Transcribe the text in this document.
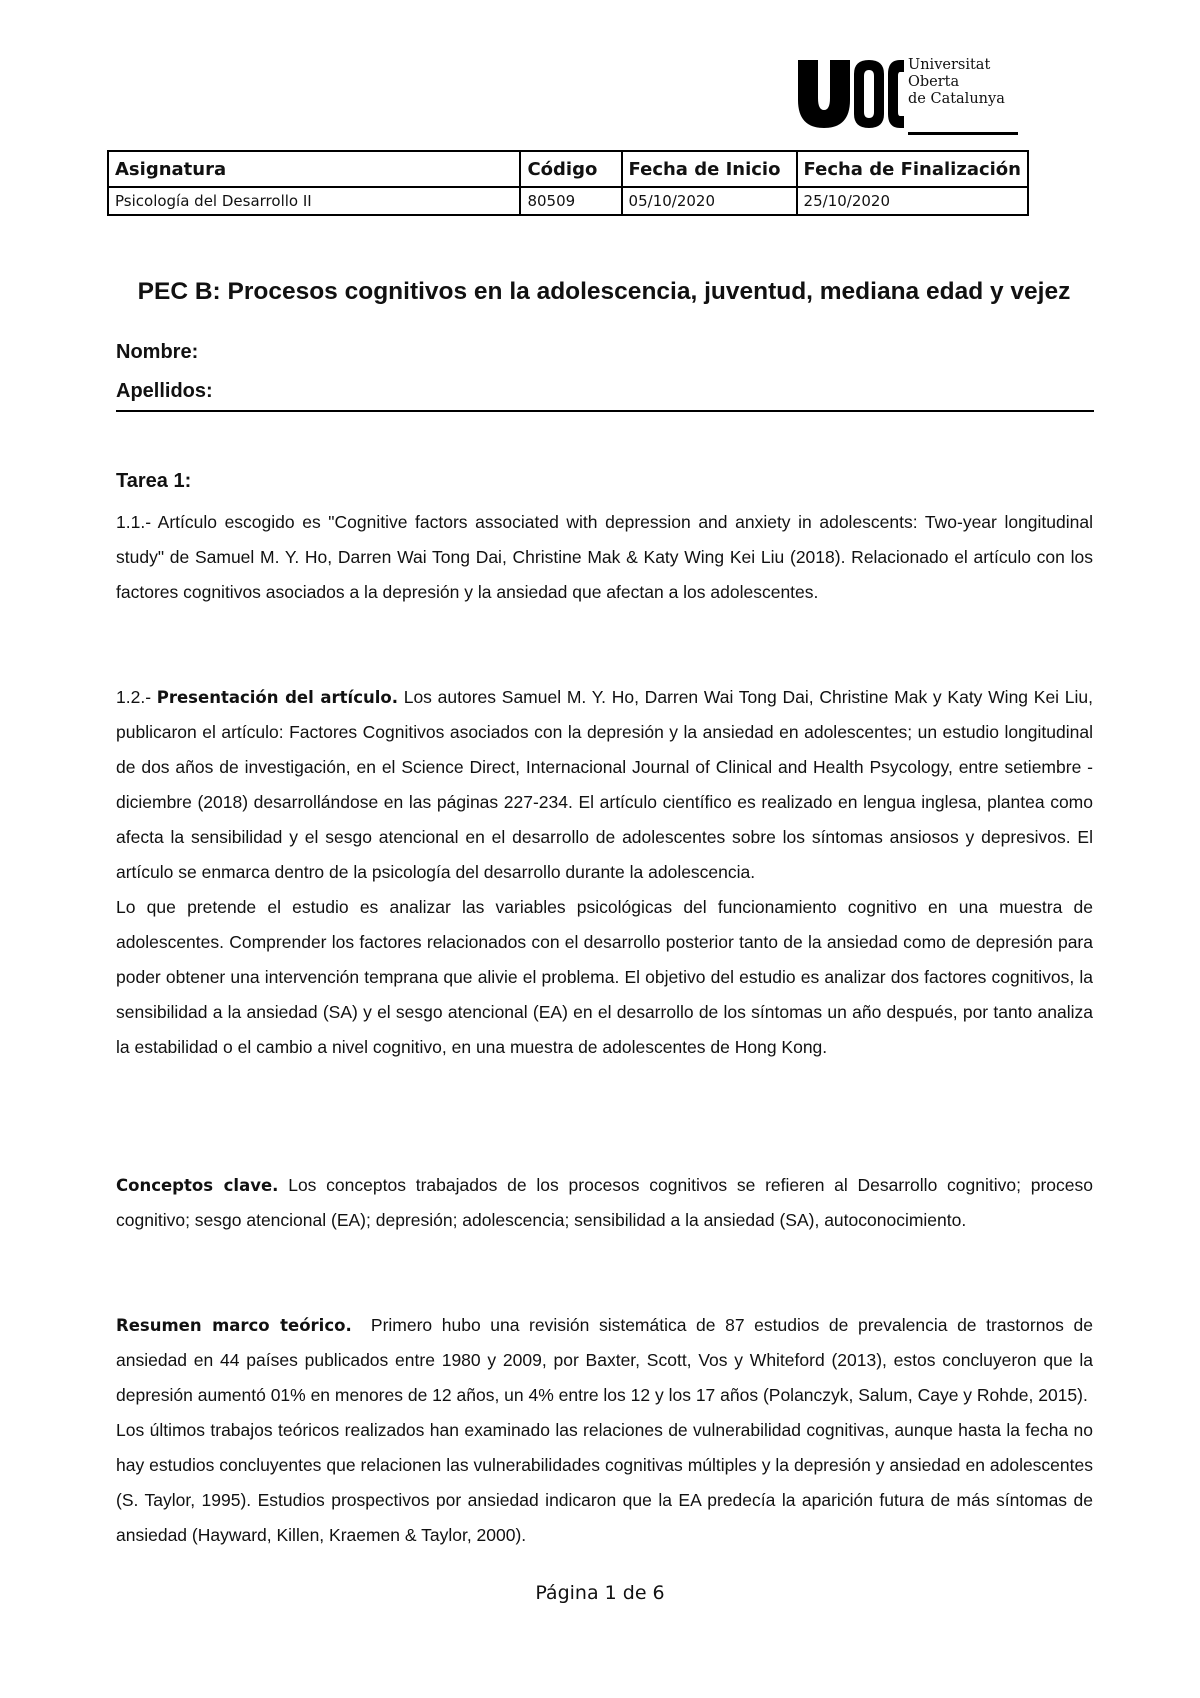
Universitat
Oberta
de Catalunya
Asignatura	Código	Fecha de Inicio	Fecha de Finalización
Psicología del Desarrollo II	80509	05/10/2020	25/10/2020
PEC B: Procesos cognitivos en la adolescencia, juventud, mediana edad y vejez
Nombre:
Apellidos:
Tarea 1:

1.1.- Artículo escogido es "Cognitive factors associated with depression and anxiety in adolescents: Two-year longitudinal study" de Samuel M. Y. Ho, Darren Wai Tong Dai, Christine Mak & Katy Wing Kei Liu (2018). Relacionado el artículo con los factores cognitivos asociados a la depresión y la ansiedad que afectan a los adolescentes.

1.2.- Presentación del artículo. Los autores Samuel M. Y. Ho, Darren Wai Tong Dai, Christine Mak y Katy Wing Kei Liu, publicaron el artículo: Factores Cognitivos asociados con la depresión y la ansiedad en adolescentes; un estudio longitudinal de dos años de investigación, en el Science Direct, Internacional Journal of Clinical and Health Psycology, entre setiembre - diciembre (2018) desarrollándose en las páginas 227-234. El artículo científico es realizado en lengua inglesa, plantea como afecta la sensibilidad y el sesgo atencional en el desarrollo de adolescentes sobre los síntomas ansiosos y depresivos. El artículo se enmarca dentro de la psicología del desarrollo durante la adolescencia.

Lo que pretende el estudio es analizar las variables psicológicas del funcionamiento cognitivo en una muestra de adolescentes. Comprender los factores relacionados con el desarrollo posterior tanto de la ansiedad como de depresión para poder obtener una intervención temprana que alivie el problema. El objetivo del estudio es analizar dos factores cognitivos, la sensibilidad a la ansiedad (SA) y el sesgo atencional (EA) en el desarrollo de los síntomas un año después, por tanto analiza la estabilidad o el cambio a nivel cognitivo, en una muestra de adolescentes de Hong Kong.

Conceptos clave. Los conceptos trabajados de los procesos cognitivos se refieren al Desarrollo cognitivo; proceso cognitivo; sesgo atencional (EA); depresión; adolescencia; sensibilidad a la ansiedad (SA), autoconocimiento.

Resumen marco teórico.  Primero hubo una revisión sistemática de 87 estudios de prevalencia de trastornos de ansiedad en 44 países publicados entre 1980 y 2009, por Baxter, Scott, Vos y Whiteford (2013), estos concluyeron que la depresión aumentó 01% en menores de 12 años, un 4% entre los 12 y los 17 años (Polanczyk, Salum, Caye y Rohde, 2015).

Los últimos trabajos teóricos realizados han examinado las relaciones de vulnerabilidad cognitivas, aunque hasta la fecha no hay estudios concluyentes que relacionen las vulnerabilidades cognitivas múltiples y la depresión y ansiedad en adolescentes (S. Taylor, 1995). Estudios prospectivos por ansiedad indicaron que la EA predecía la aparición futura de más síntomas de ansiedad (Hayward, Killen, Kraemen & Taylor, 2000).

Página 1 de 6
